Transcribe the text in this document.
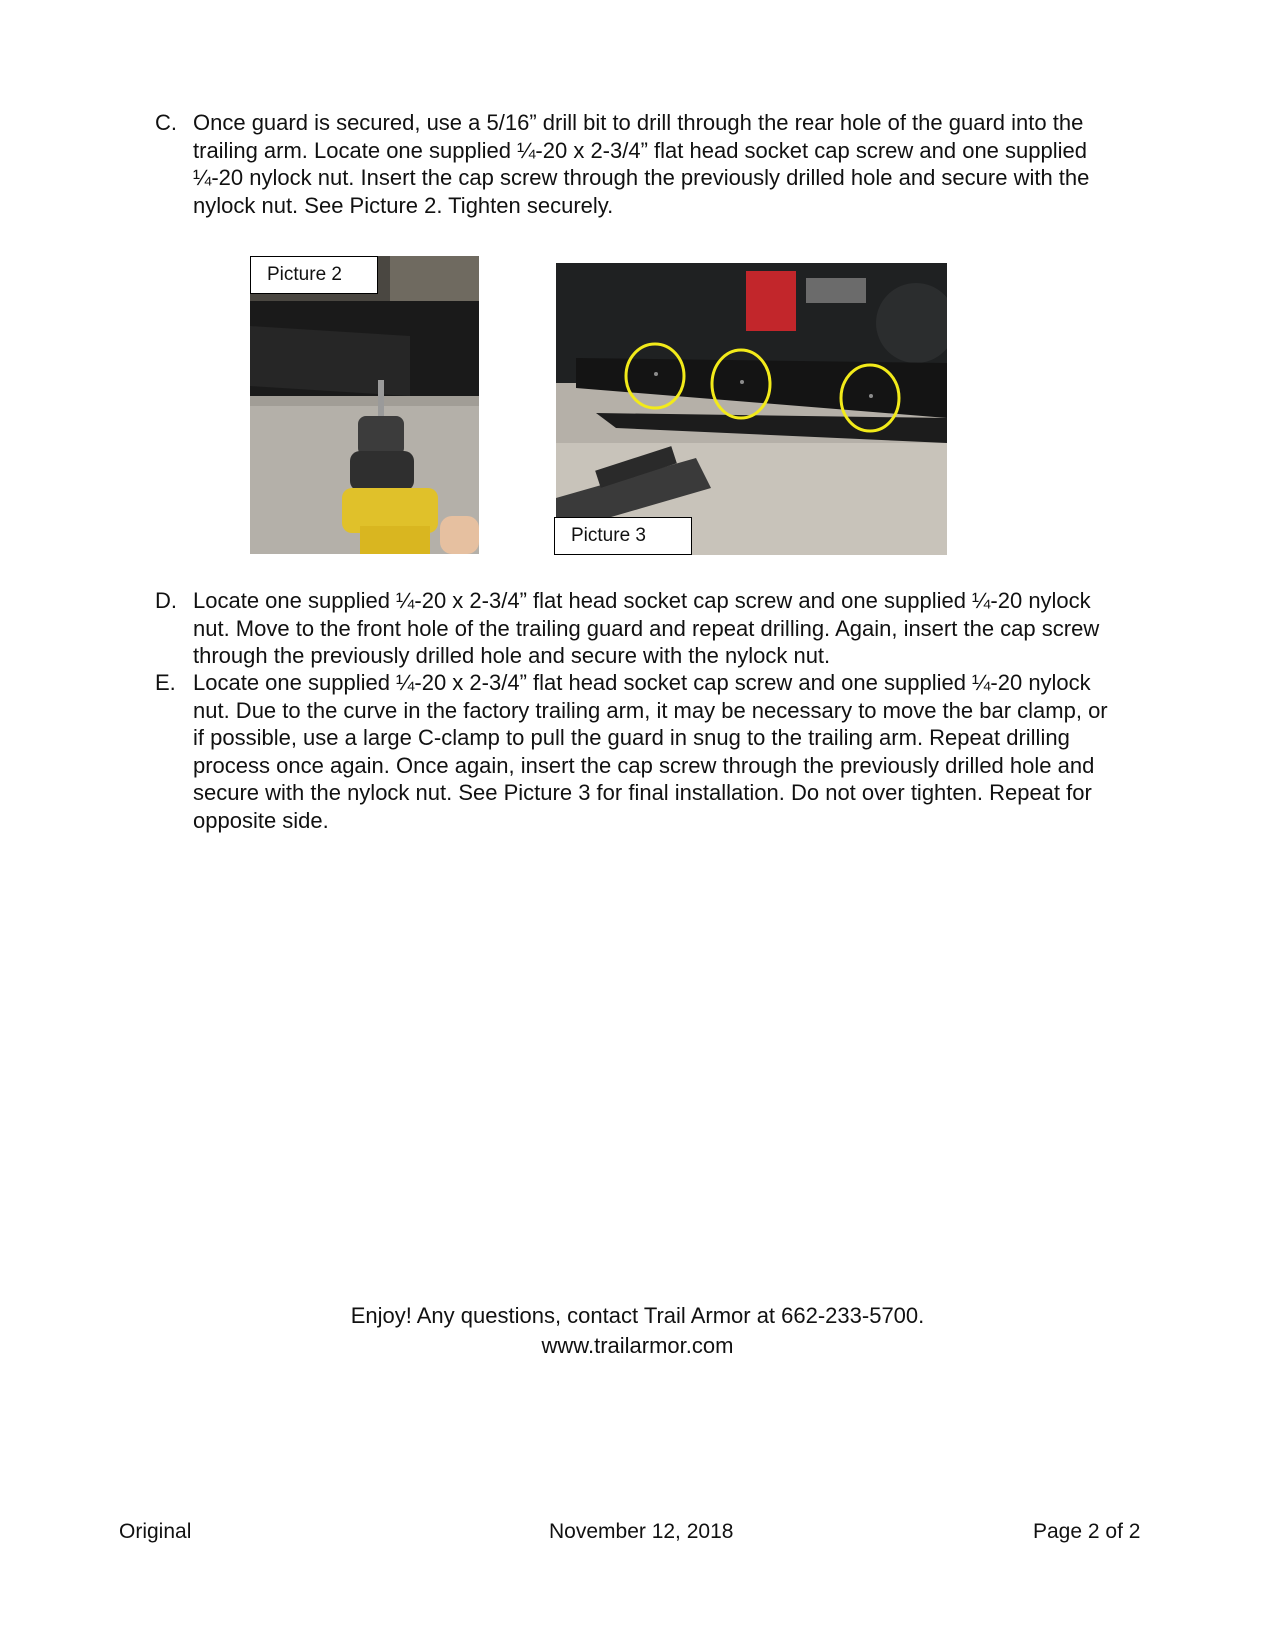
C. Once guard is secured, use a 5/16” drill bit to drill through the rear hole of the guard into the trailing arm. Locate one supplied ¼-20 x 2-3/4” flat head socket cap screw and one supplied ¼-20 nylock nut. Insert the cap screw through the previously drilled hole and secure with the nylock nut. See Picture 2. Tighten securely.
Picture 2
Picture 3
D. Locate one supplied ¼-20 x 2-3/4” flat head socket cap screw and one supplied ¼-20 nylock nut. Move to the front hole of the trailing guard and repeat drilling. Again, insert the cap screw through the previously drilled hole and secure with the nylock nut.
E. Locate one supplied ¼-20 x 2-3/4” flat head socket cap screw and one supplied ¼-20 nylock nut. Due to the curve in the factory trailing arm, it may be necessary to move the bar clamp, or if possible, use a large C-clamp to pull the guard in snug to the trailing arm. Repeat drilling process once again. Once again, insert the cap screw through the previously drilled hole and secure with the nylock nut. See Picture 3 for final installation. Do not over tighten. Repeat for opposite side.
Enjoy! Any questions, contact Trail Armor at 662-233-5700.
www.trailarmor.com
Original	November 12, 2018	Page 2 of 2
